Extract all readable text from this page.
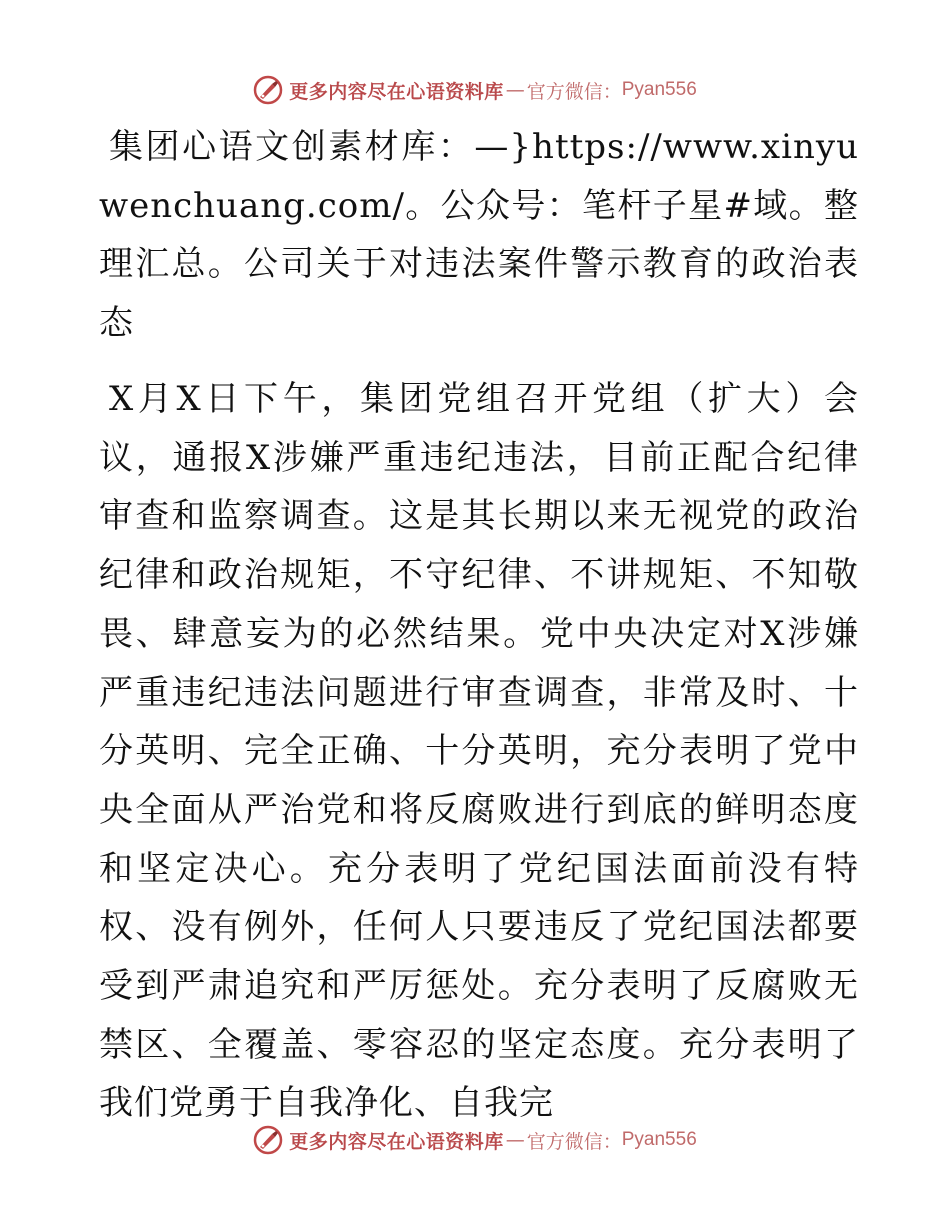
更多内容尽在心语资料库 — 官方微信： Pyan556

集团心语文创素材库：—}https://www.xinyuwenchuang.com/。公众号：笔杆子星#域。整理汇总。公司关于对违法案件警示教育的政治表态

X月X日下午，集团党组召开党组（扩大）会议，通报X涉嫌严重违纪违法，目前正配合纪律审查和监察调查。这是其长期以来无视党的政治纪律和政治规矩，不守纪律、不讲规矩、不知敬畏、肆意妄为的必然结果。党中央决定对X涉嫌严重违纪违法问题进行审查调查，非常及时、十分英明、完全正确、十分英明，充分表明了党中央全面从严治党和将反腐败进行到底的鲜明态度和坚定决心。充分表明了党纪国法面前没有特权、没有例外，任何人只要违反了党纪国法都要受到严肃追究和严厉惩处。充分表明了反腐败无禁区、全覆盖、零容忍的坚定态度。充分表明了我们党勇于自我净化、自我完

更多内容尽在心语资料库 — 官方微信： Pyan556
